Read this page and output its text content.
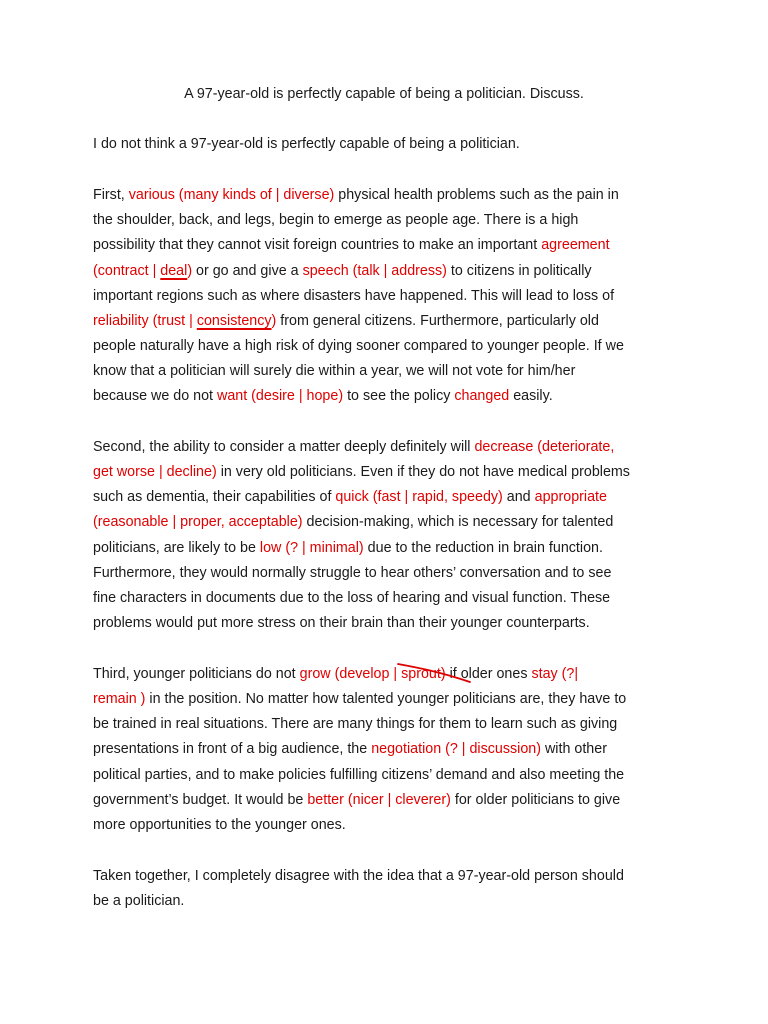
A 97-year-old is perfectly capable of being a politician. Discuss.
I do not think a 97-year-old is perfectly capable of being a politician.
First, various (many kinds of | diverse) physical health problems such as the pain in
the shoulder, back, and legs, begin to emerge as people age. There is a high
possibility that they cannot visit foreign countries to make an important agreement
(contract | deal) or go and give a speech (talk | address) to citizens in politically
important regions such as where disasters have happened. This will lead to loss of
reliability (trust | consistency) from general citizens. Furthermore, particularly old
people naturally have a high risk of dying sooner compared to younger people. If we
know that a politician will surely die within a year, we will not vote for him/her
because we do not want (desire | hope) to see the policy changed easily.
Second, the ability to consider a matter deeply definitely will decrease (deteriorate,
get worse | decline) in very old politicians. Even if they do not have medical problems
such as dementia, their capabilities of quick (fast | rapid, speedy) and appropriate
(reasonable | proper, acceptable) decision-making, which is necessary for talented
politicians, are likely to be low (? | minimal) due to the reduction in brain function.
Furthermore, they would normally struggle to hear others’ conversation and to see
fine characters in documents due to the loss of hearing and visual function. These
problems would put more stress on their brain than their younger counterparts.
Third, younger politicians do not grow (develop | sprout) if older ones stay (?|
remain ) in the position. No matter how talented younger politicians are, they have to
be trained in real situations. There are many things for them to learn such as giving
presentations in front of a big audience, the negotiation (? | discussion) with other
political parties, and to make policies fulfilling citizens’ demand and also meeting the
government’s budget. It would be better (nicer | cleverer) for older politicians to give
more opportunities to the younger ones.
Taken together, I completely disagree with the idea that a 97-year-old person should
be a politician.
